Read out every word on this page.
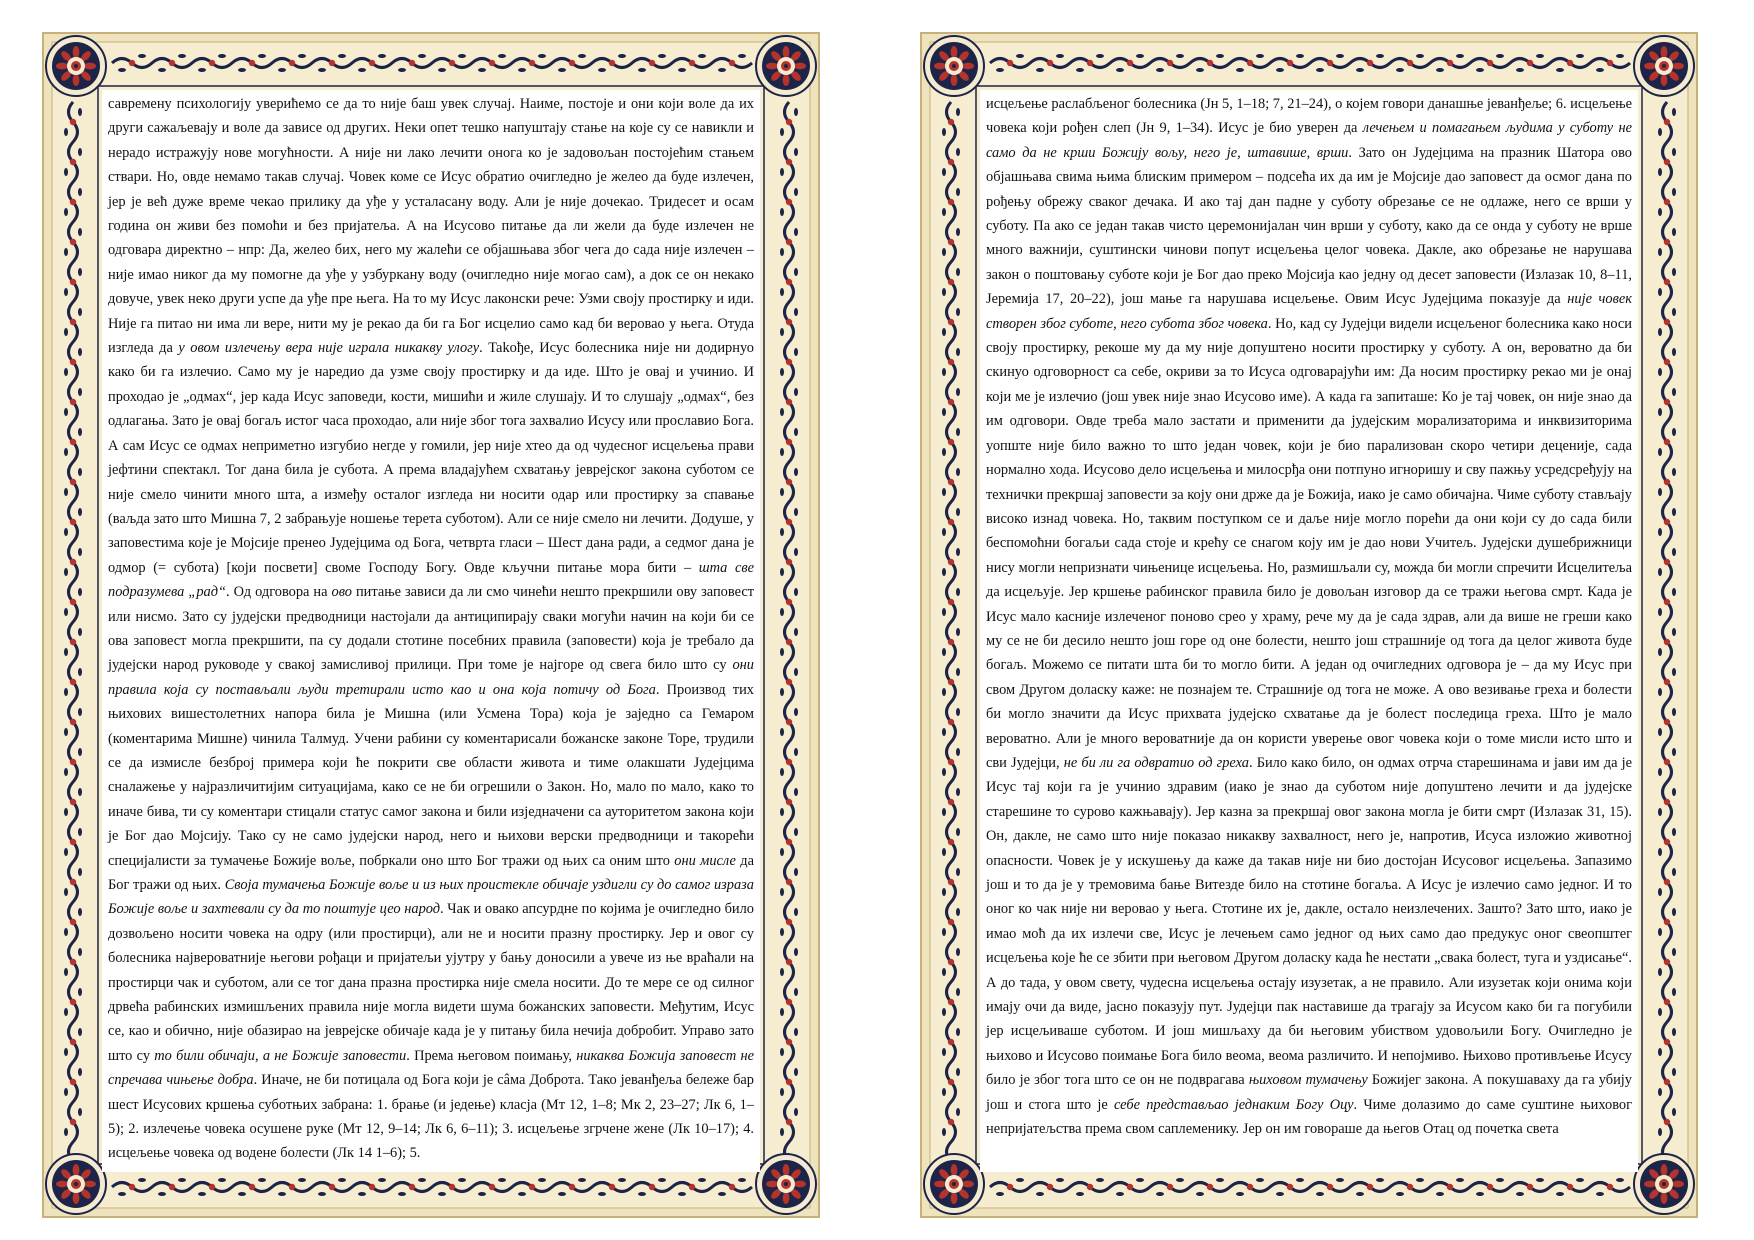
савремену психологију уверићемо се да то није баш увек случај. Наиме, постоје и они који воле да их други сажаљевају и воле да зависе од других. Неки опет тешко напуштају стање на које су се навикли и нерадо истражују нове могућности. А није ни лако лечити онога ко је задовољан постојећим стањем ствари. Но, овде немамо такав случај. Човек коме се Исус обратио очигледно је желео да буде излечен, јер је већ дуже време чекао прилику да уђе у усталасану воду. Али је није дочекао. Тридесет и осам година он живи без помоћи и без пријатеља. А на Исусово питање да ли жели да буде излечен не одговара директно – нпр: Да, желео бих, него му жалећи се објашњава због чега до сада није излечен – није имао никог да му помогне да уђе у узбуркану воду (очигледно није могао сам), а док се он некако довуче, увек неко други успе да уђе пре њега. На то му Исус лаконски рече: Узми своју простирку и иди. Није га питао ни има ли вере, нити му је рекао да би га Бог исцелио само кад би веровао у њега. Отуда изгледа да у овом излечењу вера није играла никакву улогу. Takoђе, Исус болесника није ни додирнуо како би га излечио. Само му је наредио да узме своју простирку и да иде. Што је овај и учинио. И проходао је „одмах“, јер када Исус заповеди, кости, мишићи и жиле слушају. И то слушају „одмах“, без одлагања. Зато је овај богаљ истог часа проходао, али није због тога захвалио Исусу или прославио Бога. А сам Исус се одмах неприметно изгубио негде у гомили, јер није хтео да од чудесног исцељења прави јефтини спектакл. Тог дана била је субота. А према владајућем схватању јеврејског закона суботом се није смело чинити много шта, а између осталог изгледа ни носити одар или простирку за спавање (ваљда зато што Мишна 7, 2 забрањује ношење терета суботом). Али се није смело ни лечити. Додуше, у заповестима које је Мојсије пренео Јудејцима од Бога, четврта гласи – Шест дана ради, а седмог дана је одмор (= субота) [који посвети] своме Господу Богу. Овде кључни питање мора бити – шта све подразумева „рад“. Од одговора на ово питање зависи да ли смо чинећи нешто прекршили ову заповест или нисмо. Зато су јудејски предводници настојали да антиципирају сваки могући начин на који би се ова заповест могла прекршити, па су додали стотине посебних правила (заповести) која је требало да јудејски народ руководе у свакој замисливој прилици. При томе је најгоре од свега било што су они правила која су постављали људи третирали исто као и она која потичу од Бога. Производ тих њихових вишестолетних напора била је Мишна (или Усмена Тора) која је заједно са Гемаром (коментарима Мишне) чинила Талмуд. Учени рабини су коментарисали божанске законе Торе, трудили се да измисле безброј примера који ће покрити све области живота и тиме олакшати Јудејцима сналажење у најразличитијим ситуацијама, како се не би огрешили о Закон. Но, мало по мало, како то иначе бива, ти су коментари стицали статус самог закона и били изједначени са ауторитетом закона који је Бог дао Мојсију. Тако су не само јудејски народ, него и њихови верски предводници и такорећи специјалисти за тумачење Божије воље, побркали оно што Бог тражи од њих са оним што они мисле да Бог тражи од њих. Своја тумачења Божије воље и из њих проистекле обичаје уздигли су до самог израза Божије воље и захтевали су да то поштује цео народ. Чак и овако апсурдне по којима је очигледно било дозвољено носити човека на одру (или простирци), али не и носити празну простирку. Јер и овог су болесника највероватније његови рођаци и пријатељи ујутру у бању доносили а увече из ње враћали на простирци чак и суботом, али се тог дана празна простирка није смела носити. До те мере се од силног дрвећа рабинских измишљених правила није могла видети шума божанских заповести. Међутим, Исус се, као и обично, није обазирао на јеврејске обичаје када је у питању била нечија добробит. Управо зато што су то били обичаји, а не Божије заповести. Према његовом поимању, никаква Божија заповест не спречава чињење добра. Иначе, не би потицала од Бога који је сâма Доброта. Тако јеванђеља бележе бар шест Исусових кршења суботњих забрана: 1. брање (и једење) класја (Мт 12, 1–8; Мк 2, 23–27; Лк 6, 1–5); 2. излечење човека осушене руке (Мт 12, 9–14; Лк 6, 6–11); 3. исцељење згрчене жене (Лк 10–17); 4. исцељење човека од водене болести (Лк 14 1–6); 5.

исцељење раслабљеног болесника (Јн 5, 1–18; 7, 21–24), о којем говори данашње јеванђеље; 6. исцељење човека који рођен слеп (Јн 9, 1–34). Исус је био уверен да лечењем и помагањем људима у суботу не само да не крши Божију вољу, него је, штавише, врши. Зато он Јудејцима на празник Шатора ово објашњава свима њима блиским примером – подсећа их да им је Мојсије дао заповест да осмог дана по рођењу обрежу сваког дечака. И ако тај дан падне у суботу обрезање се не одлаже, него се врши у суботу. Па ако се један такав чисто церемонијалан чин врши у суботу, како да се онда у суботу не врше много важнији, суштински чинови попут исцељења целог човека. Дакле, ако обрезање не нарушава закон о поштовању суботе који је Бог дао преко Мојсија као једну од десет заповести (Излазак 10, 8–11, Јеремија 17, 20–22), још мање га нарушава исцељење. Овим Исус Јудејцима показује да није човек створен због суботе, него субота због човека. Но, кад су Јудејци видели исцељеног болесника како носи своју простирку, рекоше му да му није допуштено носити простирку у суботу. А он, вероватно да би скинуо одговорност са себе, окриви за то Исуса одговарајући им: Да носим простирку рекао ми је онај који ме је излечио (још увек није знао Исусово име). А када га запиташе: Ко је тај човек, он није знао да им одговори. Овде треба мало застати и применити да јудејским морализаторима и инквизиторима уопште није било важно то што један човек, који је био парализован скоро четири деценије, сада нормално хода. Исусово дело исцељења и милосрђа они потпуно игноришу и сву пажњу усредсређују на технички прекршај заповести за коју они држе да је Божија, иако је само обичајна. Чиме суботу стављају високо изнад човека. Но, таквим поступком се и даље није могло порећи да они који су до сада били беспомоћни богаљи сада стоје и крећу се снагом коју им је дао нови Учитељ. Јудејски душебрижници нису могли непризнати чињенице исцељења. Но, размишљали су, можда би могли спречити Исцелитеља да исцељује. Јер кршење рабинског правила било је довољан изговор да се тражи његова смрт. Када је Исус мало касније излеченог поново срео у храму, рече му да је сада здрав, али да више не греши како му се не би десило нешто још горе од оне болести, нешто још страшније од тога да целог живота буде богаљ. Можемо се питати шта би то могло бити. А један од очигледних одговора је – да му Исус при свом Другом доласку каже: не познајем те. Страшније од тога не може. А ово везивање греха и болести би могло значити да Исус прихвата јудејско схватање да је болест последица греха. Што је мало вероватно. Али је много вероватније да он користи уверење овог човека који о томе мисли исто што и сви Јудејци, не би ли га одвратио од греха. Било како било, он одмах отрча старешинама и јави им да је Исус тај који га је учинио здравим (иако је знао да суботом није допуштено лечити и да јудејске старешине то сурово кажњавају). Јер казна за прекршај овог закона могла је бити смрт (Излазак 31, 15). Он, дакле, не само што није показао никакву захвалност, него је, напротив, Исуса изложио животној опасности. Човек је у искушењу да каже да такав није ни био достојан Исусовог исцељења. Запазимо још и то да је у тремовима бање Витезде било на стотине богаља. А Исус је излечио само једног. И то оног ко чак није ни веровао у њега. Стотине их је, дакле, остало неизлечених. Зашто? Зато што, иако је имао моћ да их излечи све, Исус је лечењем само једног од њих само дао предукус оног свеопштег исцељења које ће се збити при његовом Другом доласку када ће нестати „свака болест, туга и уздисање“. А до тада, у овом свету, чудесна исцељења остају изузетак, а не правило. Али изузетак који онима који имају очи да виде, јасно показују пут. Јудејци пак наставише да трагају за Исусом како би га погубили јер исцељиваше суботом. И још мишљаху да би његовим убиством удовољили Богу. Очигледно је њихово и Исусово поимање Бога било веома, веома различито. И непојмиво. Њихово противљење Исусу било је због тога што се он не подврагава њиховом тумачењу Божијег закона. А покушаваху да га убију још и стога што је себе представљао једнаким Богу Оцу. Чиме долазимо до саме суштине њиховог непријатељства према свом саплеменику. Јер он им говораше да његов Отац од почетка света
